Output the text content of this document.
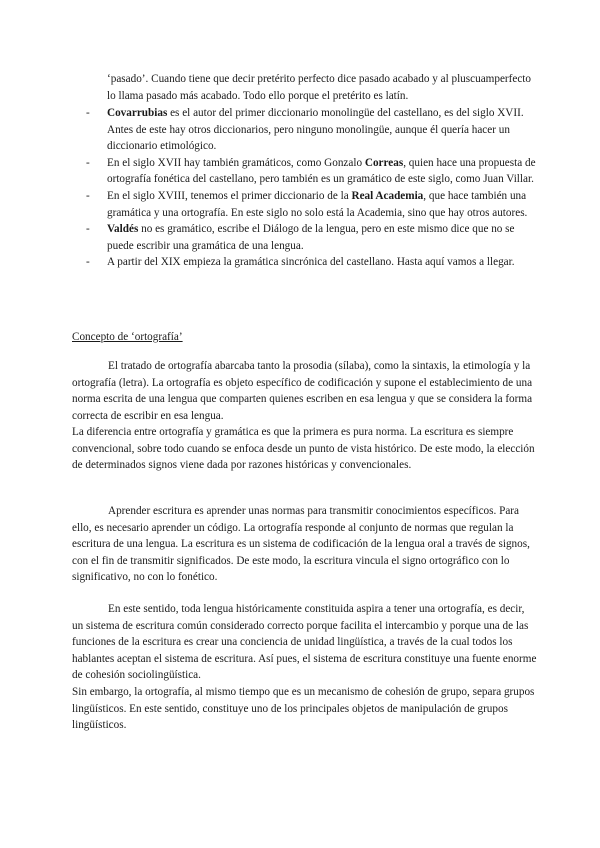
‘pasado’. Cuando tiene que decir pretérito perfecto dice pasado acabado y al pluscuamperfecto lo llama pasado más acabado. Todo ello porque el pretérito es latín.

- Covarrubias es el autor del primer diccionario monolingüe del castellano, es del siglo XVII. Antes de este hay otros diccionarios, pero ninguno monolingüe, aunque él quería hacer un diccionario etimológico.
- En el siglo XVII hay también gramáticos, como Gonzalo Correas, quien hace una propuesta de ortografía fonética del castellano, pero también es un gramático de este siglo, como Juan Villar.
- En el siglo XVIII, tenemos el primer diccionario de la Real Academia, que hace también una gramática y una ortografía. En este siglo no solo está la Academia, sino que hay otros autores.
- Valdés no es gramático, escribe el Diálogo de la lengua, pero en este mismo dice que no se puede escribir una gramática de una lengua.
- A partir del XIX empieza la gramática sincrónica del castellano. Hasta aquí vamos a llegar.
Concepto de ‘ortografía’

El tratado de ortografía abarcaba tanto la prosodia (sílaba), como la sintaxis, la etimología y la ortografía (letra). La ortografía es objeto específico de codificación y supone el establecimiento de una norma escrita de una lengua que comparten quienes escriben en esa lengua y que se considera la forma correcta de escribir en esa lengua.

La diferencia entre ortografía y gramática es que la primera es pura norma. La escritura es siempre convencional, sobre todo cuando se enfoca desde un punto de vista histórico. De este modo, la elección de determinados signos viene dada por razones históricas y convencionales.

Aprender escritura es aprender unas normas para transmitir conocimientos específicos. Para ello, es necesario aprender un código. La ortografía responde al conjunto de normas que regulan la escritura de una lengua. La escritura es un sistema de codificación de la lengua oral a través de signos, con el fin de transmitir significados. De este modo, la escritura vincula el signo ortográfico con lo significativo, no con lo fonético.

En este sentido, toda lengua históricamente constituida aspira a tener una ortografía, es decir, un sistema de escritura común considerado correcto porque facilita el intercambio y porque una de las funciones de la escritura es crear una conciencia de unidad lingüística, a través de la cual todos los hablantes aceptan el sistema de escritura. Así pues, el sistema de escritura constituye una fuente enorme de cohesión sociolingüística.

Sin embargo, la ortografía, al mismo tiempo que es un mecanismo de cohesión de grupo, separa grupos lingüísticos. En este sentido, constituye uno de los principales objetos de manipulación de grupos lingüísticos.
